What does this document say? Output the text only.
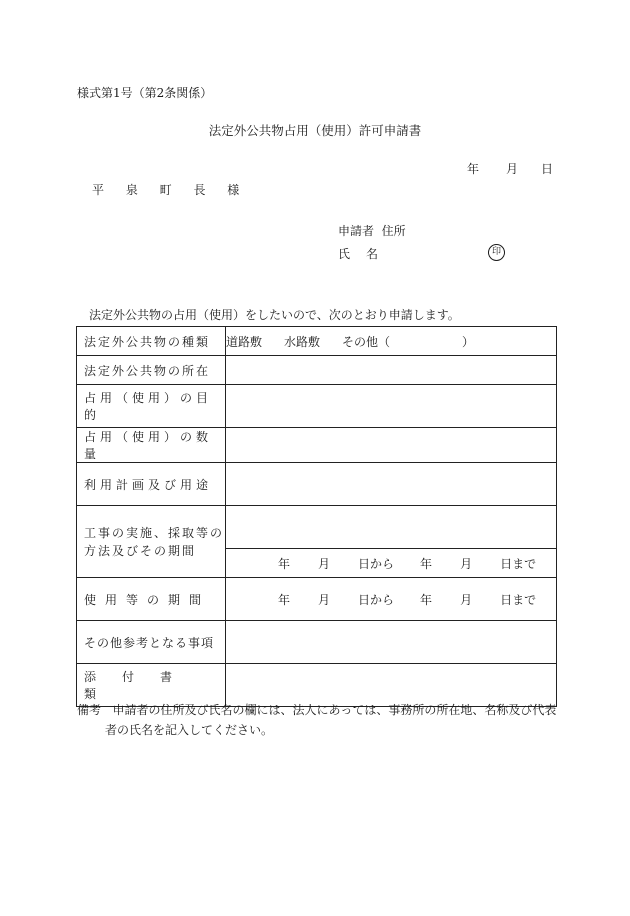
様式第1号（第2条関係）
法定外公共物占用（使用）許可申請書
年 月 日
平 泉 町 長 様
申請者 住所
氏名	印
法定外公共物の占用（使用）をしたいので、次のとおり申請します。
法定外公共物の種類	道路敷 水路敷 その他（　　　　　　）
法定外公共物の所在	
占用（使用）の目的	
占用（使用）の数量	
利用計画及び用途	
工事の実施、採取等の方法及びその期間	
	年 月 日から 年 月 日まで
使用等の期間	年 月 日から 年 月 日まで
その他参考となる事項	
添付書類	
備考 申請者の住所及び氏名の欄には、法人にあっては、事務所の所在地、名称及び代表
者の氏名を記入してください。
